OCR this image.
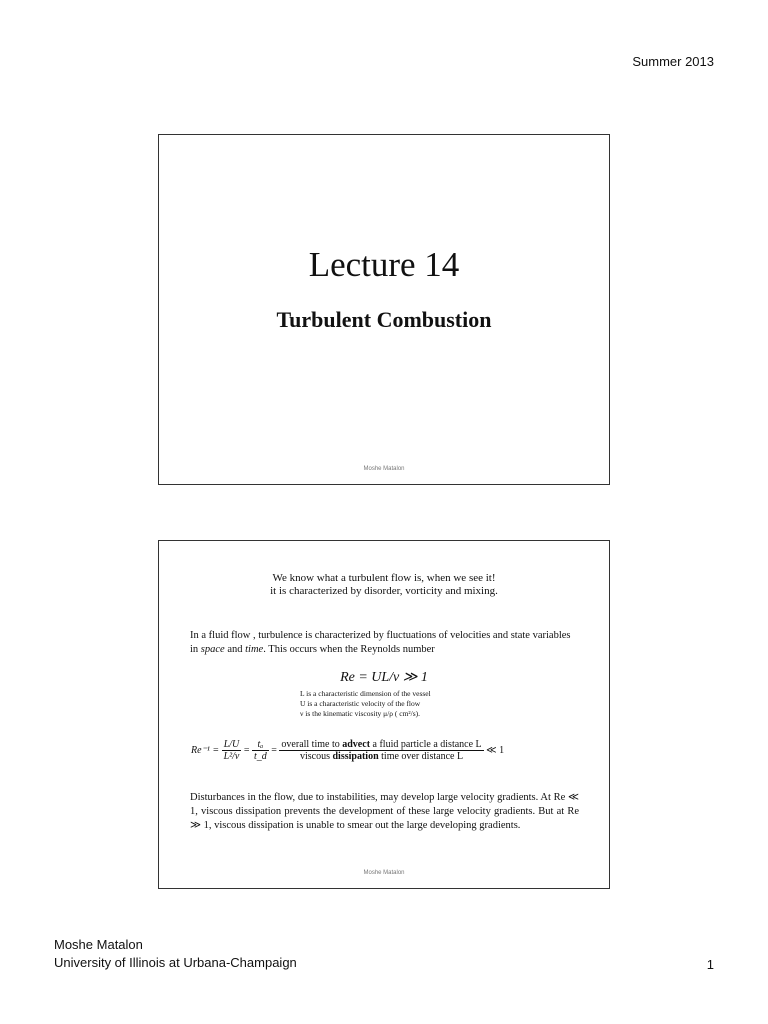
Summer 2013
Lecture 14
Turbulent Combustion
Moshe Matalon
We know what a turbulent flow is, when we see it!
it is characterized by disorder, vorticity and mixing.
In a fluid flow , turbulence is characterized by fluctuations of velocities and state variables in space and time. This occurs when the Reynolds number
Re = UL/ν ≫ 1
L is a characteristic dimension of the vessel
U is a characteristic velocity of the flow
ν is the kinematic viscosity μ/ρ ( cm²/s).
$Re^{-1} = \frac{L/U}{\text{L²/ν}} = \frac{\text{tₐ}}{t\_d} = \frac{\text{overall time to advect a fluid particle a distance L}}{\text{viscous dissipation time over distance L}}$ ≪ 1
Disturbances in the flow, due to instabilities, may develop large velocity gradients. At Re ≪ 1, viscous dissipation prevents the development of these large velocity gradients. But at Re ≫ 1, viscous dissipation is unable to smear out the large developing gradients.
Moshe Matalon
Moshe Matalon
University of Illinois at Urbana-Champaign	1
